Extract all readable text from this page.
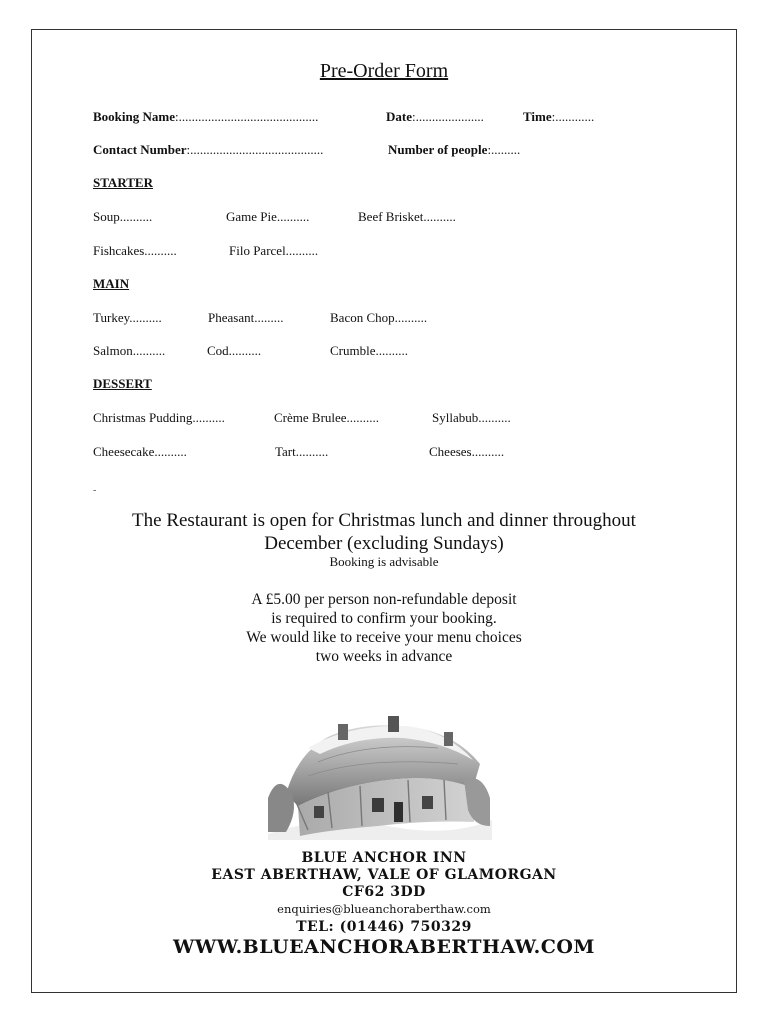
Pre-Order Form
Booking Name:...........................................	Date:.....................	Time:............
Contact Number:.........................................	Number of people:.........
STARTER
Soup..........	Game Pie..........	Beef Brisket..........
Fishcakes..........	Filo Parcel..........
MAIN
Turkey..........	Pheasant.........	Bacon Chop..........
Salmon..........	Cod..........	Crumble..........
DESSERT
Christmas Pudding..........	Crème Brulee..........	Syllabub..........
Cheesecake..........	Tart..........	Cheeses..........
-
The Restaurant is open for Christmas lunch and dinner throughout
December (excluding Sundays)
Booking is advisable
A £5.00 per person non-refundable deposit
is required to confirm your booking.
We would like to receive your menu choices
two weeks in advance
BLUE ANCHOR INN
EAST ABERTHAW, VALE OF GLAMORGAN
CF62 3DD
enquiries@blueanchoraberthaw.com
TEL: (01446) 750329
WWW.BLUEANCHORABERTHAW.COM
